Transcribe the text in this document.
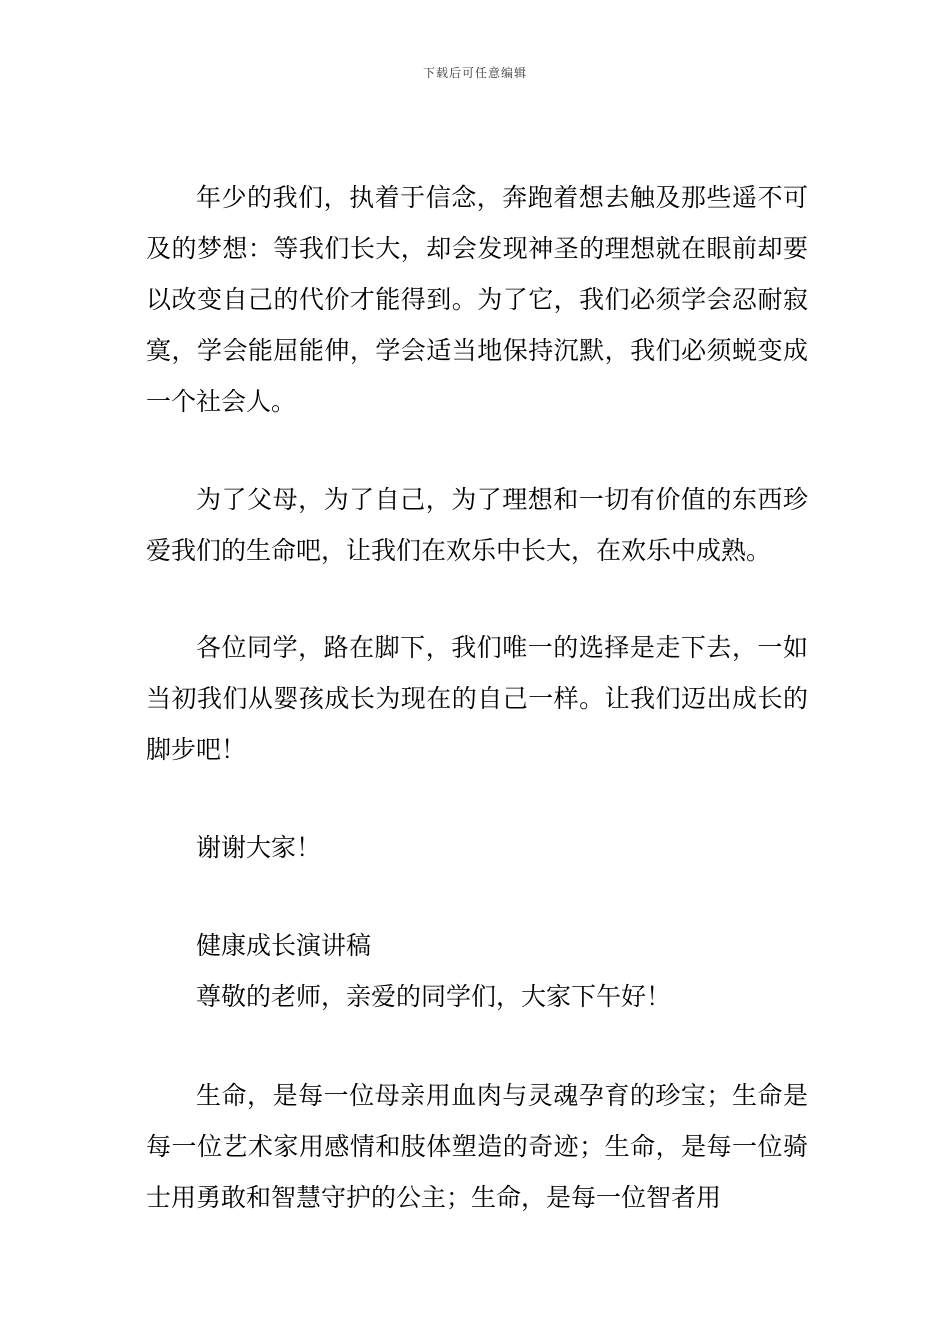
下载后可任意编辑

年少的我们，执着于信念，奔跑着想去触及那些遥不可及的梦想：等我们长大，却会发现神圣的理想就在眼前却要以改变自己的代价才能得到。为了它，我们必须学会忍耐寂寞，学会能屈能伸，学会适当地保持沉默，我们必须蜕变成一个社会人。

为了父母，为了自己，为了理想和一切有价值的东西珍爱我们的生命吧，让我们在欢乐中长大，在欢乐中成熟。

各位同学，路在脚下，我们唯一的选择是走下去，一如当初我们从婴孩成长为现在的自己一样。让我们迈出成长的脚步吧！

谢谢大家！

健康成长演讲稿

尊敬的老师，亲爱的同学们，大家下午好！

生命，是每一位母亲用血肉与灵魂孕育的珍宝；生命是每一位艺术家用感情和肢体塑造的奇迹；生命，是每一位骑士用勇敢和智慧守护的公主；生命，是每一位智者用
